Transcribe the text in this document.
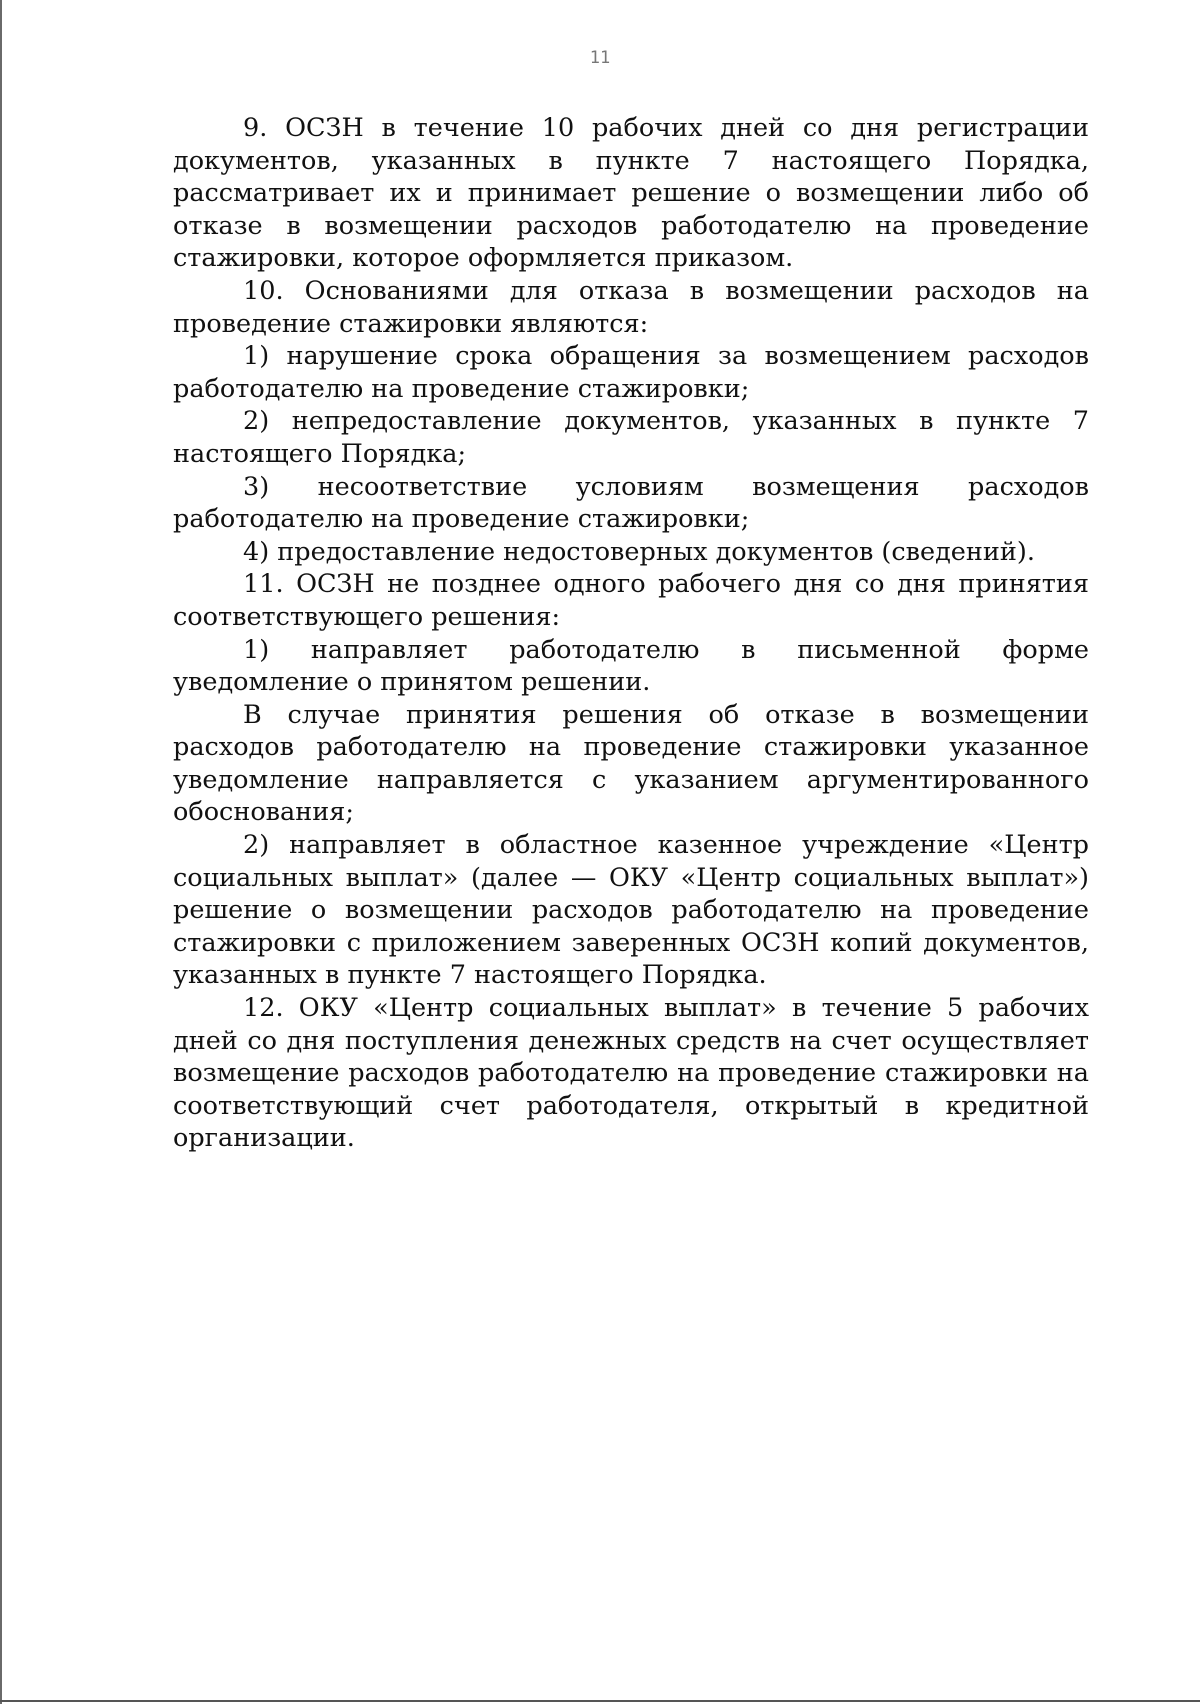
11

9. ОСЗН в течение 10 рабочих дней со дня регистрации документов, указанных в пункте 7 настоящего Порядка, рассматривает их и принимает решение о возмещении либо об отказе в возмещении расходов работодателю на проведение стажировки, которое оформляется приказом.

10. Основаниями для отказа в возмещении расходов на проведение стажировки являются:

1) нарушение срока обращения за возмещением расходов работодателю на проведение стажировки;

2) непредоставление документов, указанных в пункте 7 настоящего Порядка;

3) несоответствие условиям возмещения расходов работодателю на проведение стажировки;

4) предоставление недостоверных документов (сведений).

11. ОСЗН не позднее одного рабочего дня со дня принятия соответствующего решения:

1) направляет работодателю в письменной форме уведомление о принятом решении.

В случае принятия решения об отказе в возмещении расходов работодателю на проведение стажировки указанное уведомление направляется с указанием аргументированного обоснования;

2) направляет в областное казенное учреждение «Центр социальных выплат» (далее — ОКУ «Центр социальных выплат») решение о возмещении расходов работодателю на проведение стажировки с приложением заверенных ОСЗН копий документов, указанных в пункте 7 настоящего Порядка.

12. ОКУ «Центр социальных выплат» в течение 5 рабочих дней со дня поступления денежных средств на счет осуществляет возмещение расходов работодателю на проведение стажировки на соответствующий счет работодателя, открытый в кредитной организации.
